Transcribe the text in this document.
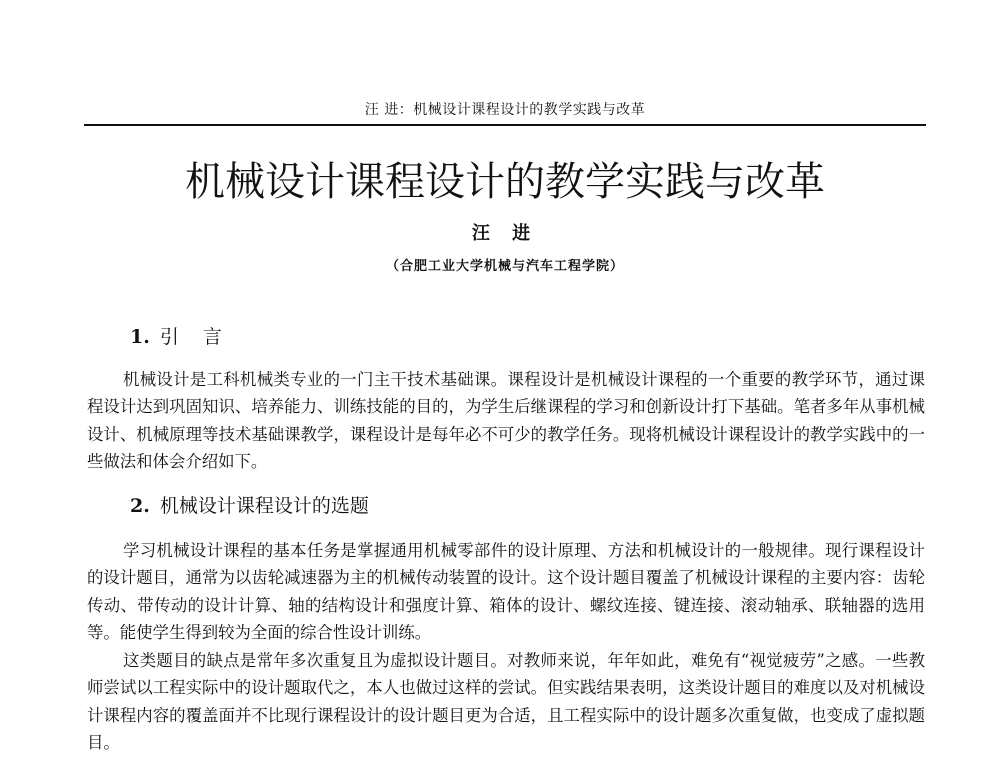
汪 进：机械设计课程设计的教学实践与改革
机械设计课程设计的教学实践与改革
汪 进
（合肥工业大学机械与汽车工程学院）
1. 引言

机械设计是工科机械类专业的一门主干技术基础课。课程设计是机械设计课程的一个重要的教学环节，通过课程设计达到巩固知识、培养能力、训练技能的目的，为学生后继课程的学习和创新设计打下基础。笔者多年从事机械设计、机械原理等技术基础课教学，课程设计是每年必不可少的教学任务。现将机械设计课程设计的教学实践中的一些做法和体会介绍如下。

2. 机械设计课程设计的选题

学习机械设计课程的基本任务是掌握通用机械零部件的设计原理、方法和机械设计的一般规律。现行课程设计的设计题目，通常为以齿轮减速器为主的机械传动装置的设计。这个设计题目覆盖了机械设计课程的主要内容：齿轮传动、带传动的设计计算、轴的结构设计和强度计算、箱体的设计、螺纹连接、键连接、滚动轴承、联轴器的选用等。能使学生得到较为全面的综合性设计训练。

这类题目的缺点是常年多次重复且为虚拟设计题目。对教师来说，年年如此，难免有“视觉疲劳”之感。一些教师尝试以工程实际中的设计题取代之，本人也做过这样的尝试。但实践结果表明，这类设计题目的难度以及对机械设计课程内容的覆盖面并不比现行课程设计的设计题目更为合适，且工程实际中的设计题多次重复做，也变成了虚拟题目。
